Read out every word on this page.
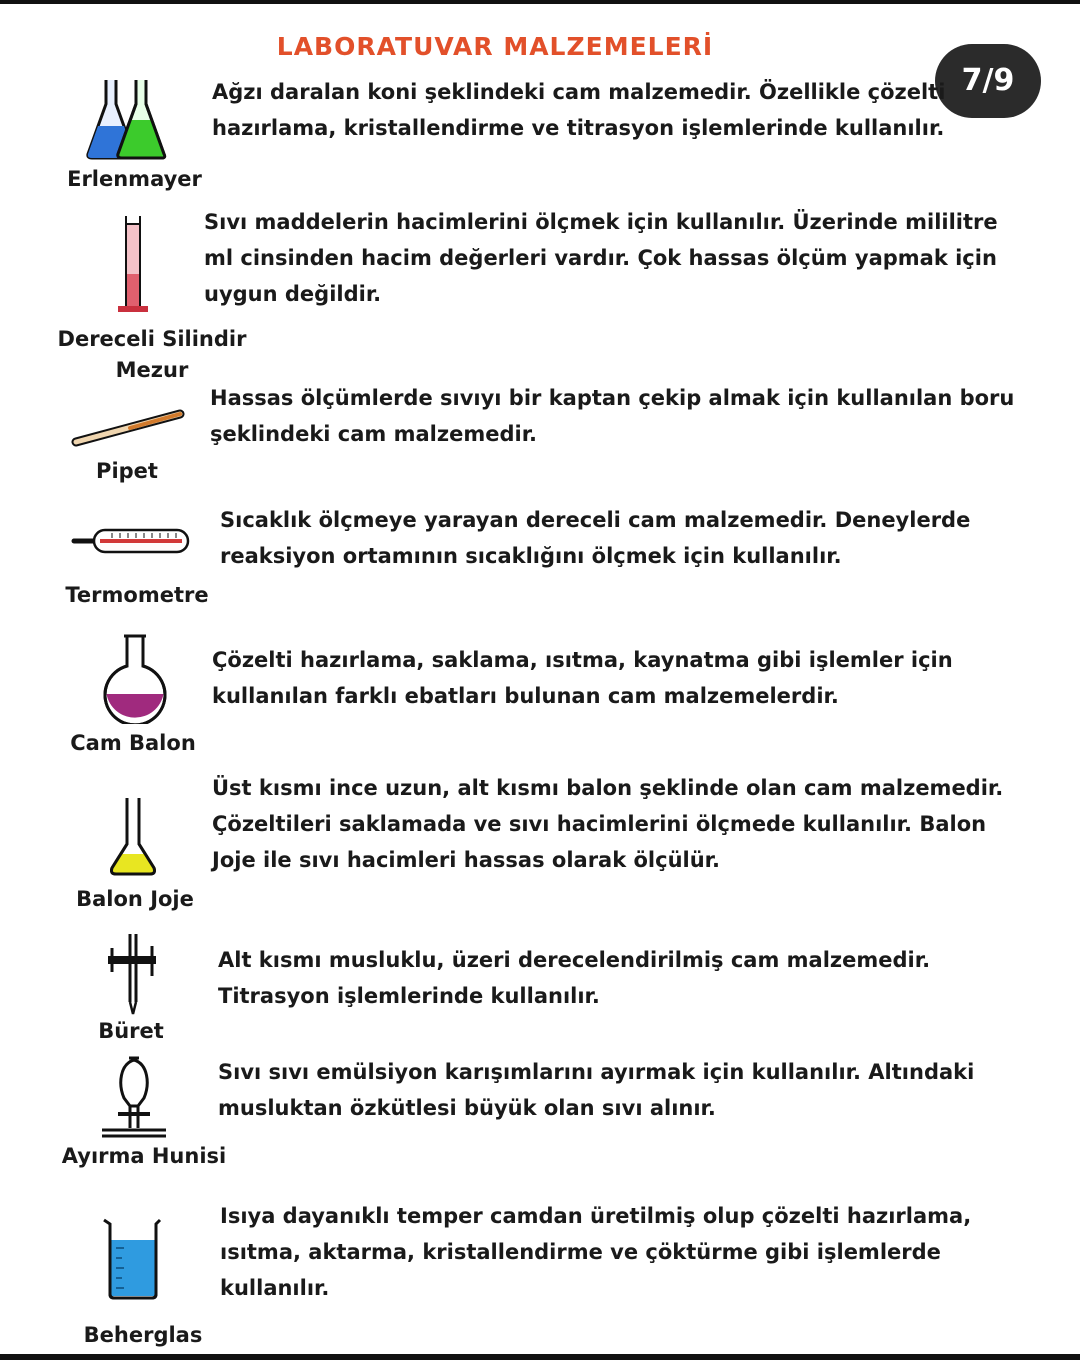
LABORATUVAR MALZEMELERİ
7/9
Erlenmayer
Ağzı daralan koni şeklindeki cam malzemedir. Özellikle çözelti
hazırlama, kristallendirme ve titrasyon işlemlerinde kullanılır.
Dereceli Silindir
Mezur
Sıvı maddelerin hacimlerini ölçmek için kullanılır. Üzerinde mililitre
ml cinsinden hacim değerleri vardır. Çok hassas ölçüm yapmak için
uygun değildir.
Pipet
Hassas ölçümlerde sıvıyı bir kaptan çekip almak için kullanılan boru
şeklindeki cam malzemedir.
Termometre
Sıcaklık ölçmeye yarayan dereceli cam malzemedir. Deneylerde
reaksiyon ortamının sıcaklığını ölçmek için kullanılır.
Cam Balon
Çözelti hazırlama, saklama, ısıtma, kaynatma gibi işlemler için
kullanılan farklı ebatları bulunan cam malzemelerdir.
Balon Joje
Üst kısmı ince uzun, alt kısmı balon şeklinde olan cam malzemedir.
Çözeltileri saklamada ve sıvı hacimlerini ölçmede kullanılır. Balon
Joje ile sıvı hacimleri hassas olarak ölçülür.
Büret
Alt kısmı musluklu, üzeri derecelendirilmiş cam malzemedir.
Titrasyon işlemlerinde kullanılır.
Ayırma Hunisi
Sıvı sıvı emülsiyon karışımlarını ayırmak için kullanılır. Altındaki
musluktan özkütlesi büyük olan sıvı alınır.
Beherglas
Isıya dayanıklı temper camdan üretilmiş olup çözelti hazırlama,
ısıtma, aktarma, kristallendirme ve çöktürme gibi işlemlerde
kullanılır.
